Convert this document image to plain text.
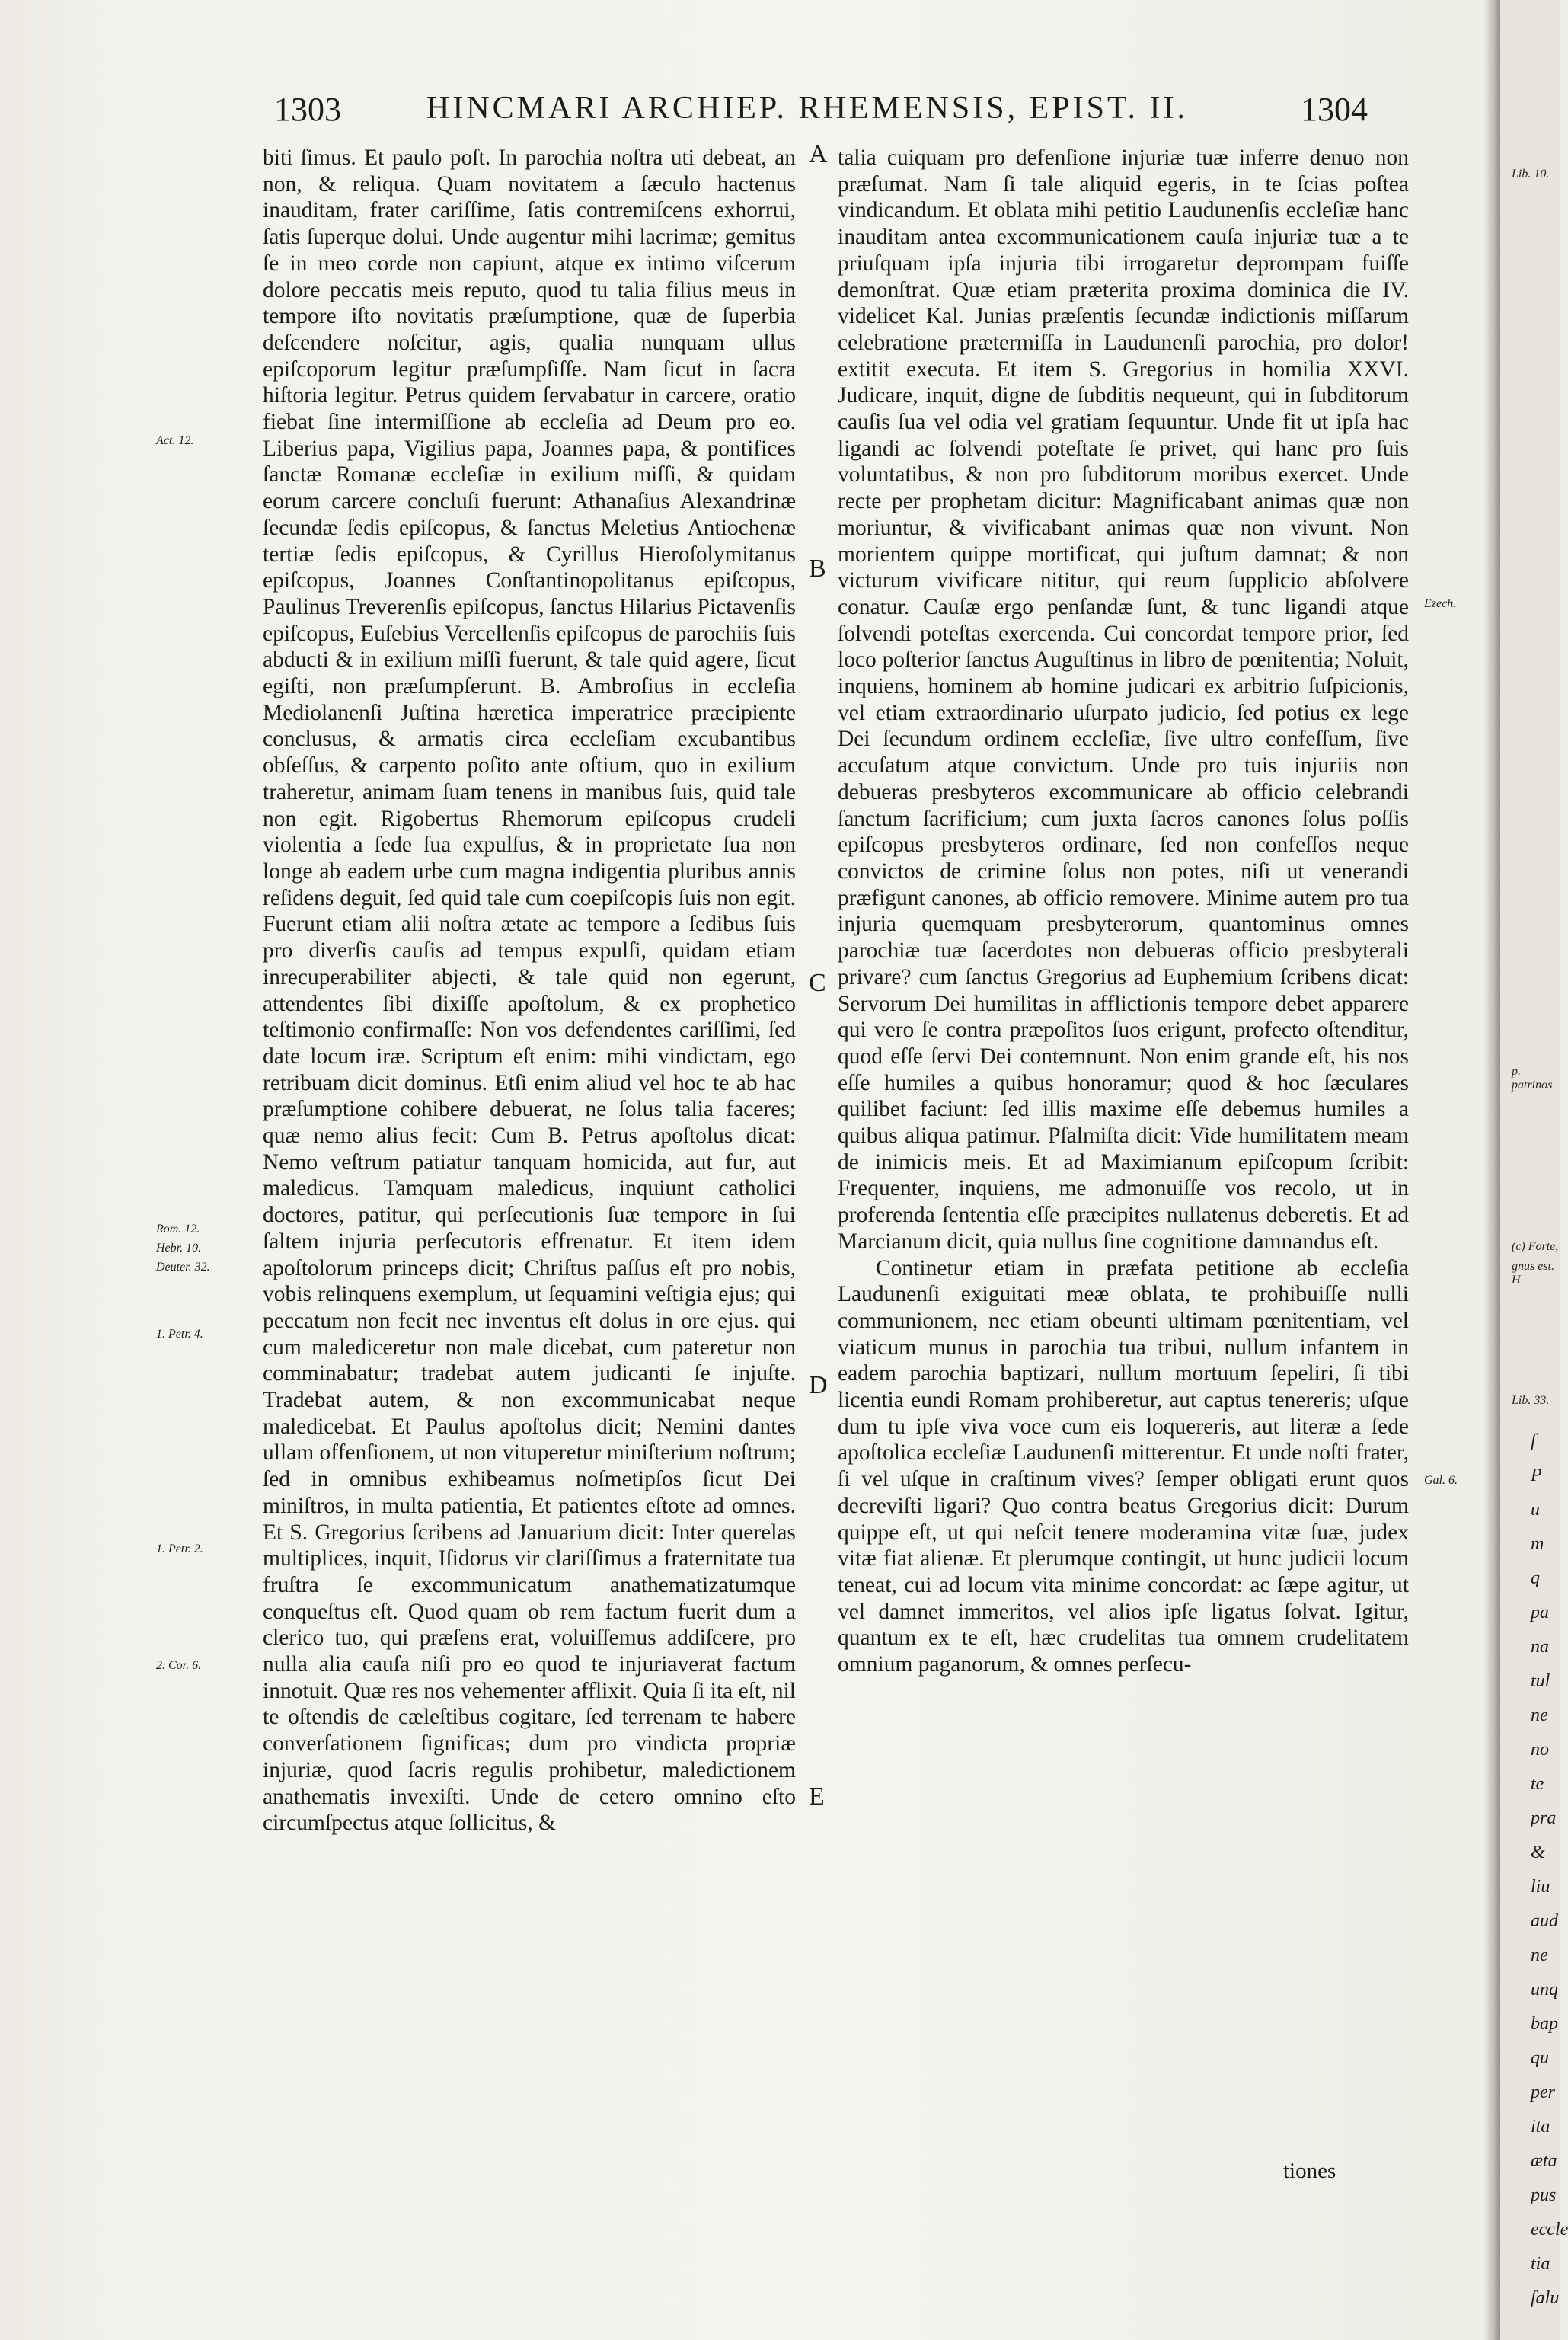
1303	HINCMARI ARCHIEP. RHEMENSIS, EPIST. II.	1304

biti ſimus. Et paulo poſt. In parochia noſtra uti debeat, an non, & reliqua. Quam novitatem a ſæculo hactenus inauditam, frater cariſſime, ſatis contremiſcens exhorrui, ſatis ſuperque dolui. Unde augentur mihi lacrimæ; gemitus ſe in meo corde non capiunt, atque ex intimo viſcerum dolore peccatis meis reputo, quod tu talia filius meus in tempore iſto novitatis præſumptione, quæ de ſuperbia deſcendere noſcitur, agis, qualia nunquam ullus epiſcoporum legitur præſumpſiſſe. Nam ſicut in ſacra hiſtoria legitur. Petrus quidem ſervabatur in carcere, oratio fiebat ſine intermiſſione ab eccleſia ad Deum pro eo. Liberius papa, Vigilius papa, Joannes papa, & pontifices ſanctæ Romanæ eccleſiæ in exilium miſſi, & quidam eorum carcere concluſi fuerunt: Athanaſius Alexandrinæ ſecundæ ſedis epiſcopus, & ſanctus Meletius Antiochenæ tertiæ ſedis epiſcopus, & Cyrillus Hieroſolymitanus epiſcopus, Joannes Conſtantinopolitanus epiſcopus, Paulinus Treverenſis epiſcopus, ſanctus Hilarius Pictavenſis epiſcopus, Euſebius Vercellenſis epiſcopus de parochiis ſuis abducti & in exilium miſſi fuerunt, & tale quid agere, ſicut egiſti, non præſumpſerunt. B. Ambroſius in eccleſia Mediolanenſi Juſtina hæretica imperatrice præcipiente conclusus, & armatis circa eccleſiam excubantibus obſeſſus, & carpento poſito ante oſtium, quo in exilium traheretur, animam ſuam tenens in manibus ſuis, quid tale non egit. Rigobertus Rhemorum epiſcopus crudeli violentia a ſede ſua expulſus, & in proprietate ſua non longe ab eadem urbe cum magna indigentia pluribus annis reſidens deguit, ſed quid tale cum coepiſcopis ſuis non egit. Fuerunt etiam alii noſtra ætate ac tempore a ſedibus ſuis pro diverſis cauſis ad tempus expulſi, quidam etiam inrecuperabiliter abjecti, & tale quid non egerunt, attendentes ſibi dixiſſe apoſtolum, & ex prophetico teſtimonio confirmaſſe: Non vos defendentes cariſſimi, ſed date locum iræ. Scriptum eſt enim: mihi vindictam, ego retribuam dicit dominus. Etſi enim aliud vel hoc te ab hac præſumptione cohibere debuerat, ne ſolus talia faceres; quæ nemo alius fecit: Cum B. Petrus apoſtolus dicat: Nemo veſtrum patiatur tanquam homicida, aut fur, aut maledicus. Tamquam maledicus, inquiunt catholici doctores, patitur, qui perſecutionis ſuæ tempore in ſui ſaltem injuria perſecutoris effrenatur. Et item idem apoſtolorum princeps dicit; Chriſtus paſſus eſt pro nobis, vobis relinquens exemplum, ut ſequamini veſtigia ejus; qui peccatum non fecit nec inventus eſt dolus in ore ejus. qui cum malediceretur non male dicebat, cum pateretur non comminabatur; tradebat autem judicanti ſe injuſte. Tradebat autem, & non excommunicabat neque maledicebat. Et Paulus apoſtolus dicit; Nemini dantes ullam offenſionem, ut non vituperetur miniſterium noſtrum; ſed in omnibus exhibeamus noſmetipſos ſicut Dei miniſtros, in multa patientia, Et patientes eſtote ad omnes. Et S. Gregorius ſcribens ad Januarium dicit: Inter querelas multiplices, inquit, Iſidorus vir clariſſimus a fraternitate tua fruſtra ſe excommunicatum anathematizatumque conqueſtus eſt. Quod quam ob rem factum fuerit dum a clerico tuo, qui præſens erat, voluiſſemus addiſcere, pro nulla alia cauſa niſi pro eo quod te injuriaverat factum innotuit. Quæ res nos vehementer afflixit. Quia ſi ita eſt, nil te oſtendis de cæleſtibus cogitare, ſed terrenam te habere converſationem ſignificas; dum pro vindicta propriæ injuriæ, quod ſacris regulis prohibetur, maledictionem anathematis invexiſti. Unde de cetero omnino eſto circumſpectus atque ſollicitus, &

talia cuiquam pro defenſione injuriæ tuæ inferre denuo non præſumat. Nam ſi tale aliquid egeris, in te ſcias poſtea vindicandum. Et oblata mihi petitio Laudunenſis eccleſiæ hanc inauditam antea excommunicationem cauſa injuriæ tuæ a te priuſquam ipſa injuria tibi irrogaretur deprompam fuiſſe demonſtrat. Quæ etiam præterita proxima dominica die IV. videlicet Kal. Junias præſentis ſecundæ indictionis miſſarum celebratione prætermiſſa in Laudunenſi parochia, pro dolor! extitit executa. Et item S. Gregorius in homilia XXVI. Judicare, inquit, digne de ſubditis nequeunt, qui in ſubditorum cauſis ſua vel odia vel gratiam ſequuntur. Unde fit ut ipſa hac ligandi ac ſolvendi poteſtate ſe privet, qui hanc pro ſuis voluntatibus, & non pro ſubditorum moribus exercet. Unde recte per prophetam dicitur: Magnificabant animas quæ non moriuntur, & vivificabant animas quæ non vivunt. Non morientem quippe mortificat, qui juſtum damnat; & non victurum vivificare nititur, qui reum ſupplicio abſolvere conatur. Cauſæ ergo penſandæ ſunt, & tunc ligandi atque ſolvendi poteſtas exercenda. Cui concordat tempore prior, ſed loco poſterior ſanctus Auguſtinus in libro de pœnitentia; Noluit, inquiens, hominem ab homine judicari ex arbitrio ſuſpicionis, vel etiam extraordinario uſurpato judicio, ſed potius ex lege Dei ſecundum ordinem eccleſiæ, ſive ultro confeſſum, ſive accuſatum atque convictum. Unde pro tuis injuriis non debueras presbyteros excommunicare ab officio celebrandi ſanctum ſacrificium; cum juxta ſacros canones ſolus poſſis epiſcopus presbyteros ordinare, ſed non confeſſos neque convictos de crimine ſolus non potes, niſi ut venerandi præfigunt canones, ab officio removere. Minime autem pro tua injuria quemquam presbyterorum, quantominus omnes parochiæ tuæ ſacerdotes non debueras officio presbyterali privare? cum ſanctus Gregorius ad Euphemium ſcribens dicat: Servorum Dei humilitas in afflictionis tempore debet apparere qui vero ſe contra præpoſitos ſuos erigunt, profecto oſtenditur, quod eſſe ſervi Dei contemnunt. Non enim grande eſt, his nos eſſe humiles a quibus honoramur; quod & hoc ſæculares quilibet faciunt: ſed illis maxime eſſe debemus humiles a quibus aliqua patimur. Pſalmiſta dicit: Vide humilitatem meam de inimicis meis. Et ad Maximianum epiſcopum ſcribit: Frequenter, inquiens, me admonuiſſe vos recolo, ut in proferenda ſententia eſſe præcipites nullatenus deberetis. Et ad Marcianum dicit, quia nullus ſine cognitione damnandus eſt.

Continetur etiam in præfata petitione ab eccleſia Laudunenſi exiguitati meæ oblata, te prohibuiſſe nulli communionem, nec etiam obeunti ultimam pœnitentiam, vel viaticum munus in parochia tua tribui, nullum infantem in eadem parochia baptizari, nullum mortuum ſepeliri, ſi tibi licentia eundi Romam prohiberetur, aut captus tenereris; uſque dum tu ipſe viva voce cum eis loquereris, aut literæ a ſede apoſtolica eccleſiæ Laudunenſi mitterentur. Et unde noſti frater, ſi vel uſque in craſtinum vives? ſemper obligati erunt quos decreviſti ligari? Quo contra beatus Gregorius dicit: Durum quippe eſt, ut qui neſcit tenere moderamina vitæ ſuæ, judex vitæ fiat alienæ. Et plerumque contingit, ut hunc judicii locum teneat, cui ad locum vita minime concordat: ac ſæpe agitur, ut vel damnet immeritos, vel alios ipſe ligatus ſolvat. Igitur, quantum ex te eſt, hæc crudelitas tua omnem crudelitatem omnium paganorum, & omnes perſecu-

tiones
A
B
C
D
E
Act. 12.
Rom. 12.
Hebr. 10.
Deuter. 32.
1. Petr. 4.
1. Petr. 2.
2. Cor. 6.
Ezech.
Gal. 6.
Lib. 10.
p. patrinos
(c) Forte,
gnus est. H
Lib. 33.
ſ
P
u
m
q
pa
na
tul
ne
no
te
pra
&
liu
aud
ne
unq
bap
qu
per
ita
æta
pus
eccle
tia
ſalu
